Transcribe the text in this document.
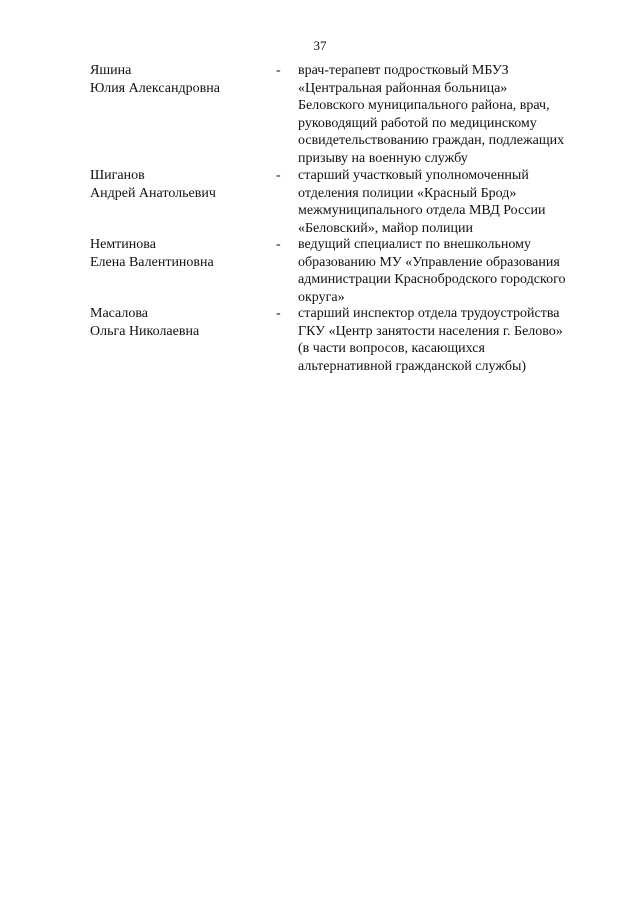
37
Яшина
Юлия Александровна
-	врач-терапевт подростковый МБУЗ
«Центральная районная больница»
Беловского муниципального района, врач,
руководящий работой по медицинскому
освидетельствованию граждан, подлежащих
призыву на военную службу
Шиганов
Андрей Анатольевич
-	старший участковый уполномоченный
отделения полиции «Красный Брод»
межмуниципального отдела МВД России
«Беловский», майор полиции
Немтинова
Елена Валентиновна
-	ведущий специалист по внешкольному
образованию МУ «Управление образования
администрации Краснобродского городского
округа»
Масалова
Ольга Николаевна
-	старший инспектор отдела трудоустройства
ГКУ «Центр занятости населения г. Белово»
(в части вопросов, касающихся
альтернативной гражданской службы)
